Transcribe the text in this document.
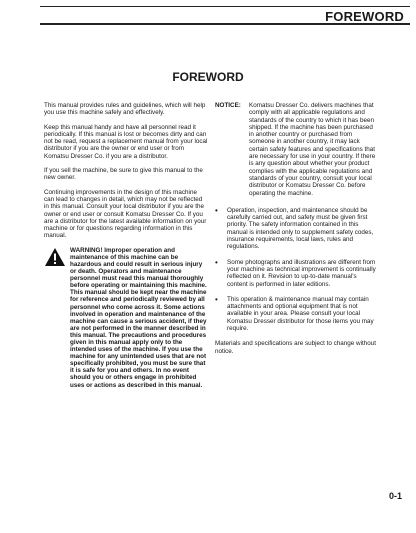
FOREWORD
FOREWORD

This manual provides rules and guidelines, which will help you use this machine safely and effectively.

Keep this manual handy and have all personnel read it periodically. If this manual is lost or becomes dirty and can not be read, request a replacement manual from your local distributor if you are the owner or end user or from Komatsu Dresser Co. if you are a distributor.

If you sell the machine, be sure to give this manual to the new owner.

Continuing improvements in the design of this machine can lead to changes in detail, which may not be reflected in this manual. Consult your local distributor if you are the owner or end user or consult Komatsu Dresser Co. If you are a distributor for the latest available information on your machine or for questions regarding information in this manual.

WARNING! Improper operation and maintenance of this machine can be hazardous and could result in serious injury or death. Operators and maintenance personnel must read this manual thoroughly before operating or maintaining this machine. This manual should be kept near the machine for reference and periodically reviewed by all personnel who come across it. Some actions involved in operation and maintenance of the machine can cause a serious accident, if they are not performed in the manner described in this manual. The precautions and procedures given in this manual apply only to the intended uses of the machine. If you use the machine for any unintended uses that are not specifically prohibited, you must be sure that it is safe for you and others. In no event should you or others engage in prohibited uses or actions as described in this manual.
NOTICE:	Komatsu Dresser Co. delivers machines that comply with all applicable regulations and standards of the country to which it has been shipped. If the machine has been purchased in another country or purchased from someone in another country, it may lack certain safety features and specifications that are necessary for use in your country. If there is any question about whether your product complies with the applicable regulations and standards of your country, consult your local distributor or Komatsu Dresser Co. before operating the machine.
•	Operation, inspection, and maintenance should be carefully carried out, and safety must be given first priority. The safety information contained in this manual is intended only to supplement safety codes, insurance requirements, local laws, rules and regulations.
•	Some photographs and illustrations are different from your machine as technical improvement is continually reflected on it. Revision to up-to-date manual's content is performed in later editions.
•	This operation & maintenance manual may contain attachments and optional equipment that is not available in your area. Please consult your local Komatsu Dresser distributor for those items you may require.
Materials and specifications are subject to change without notice.
0-1
